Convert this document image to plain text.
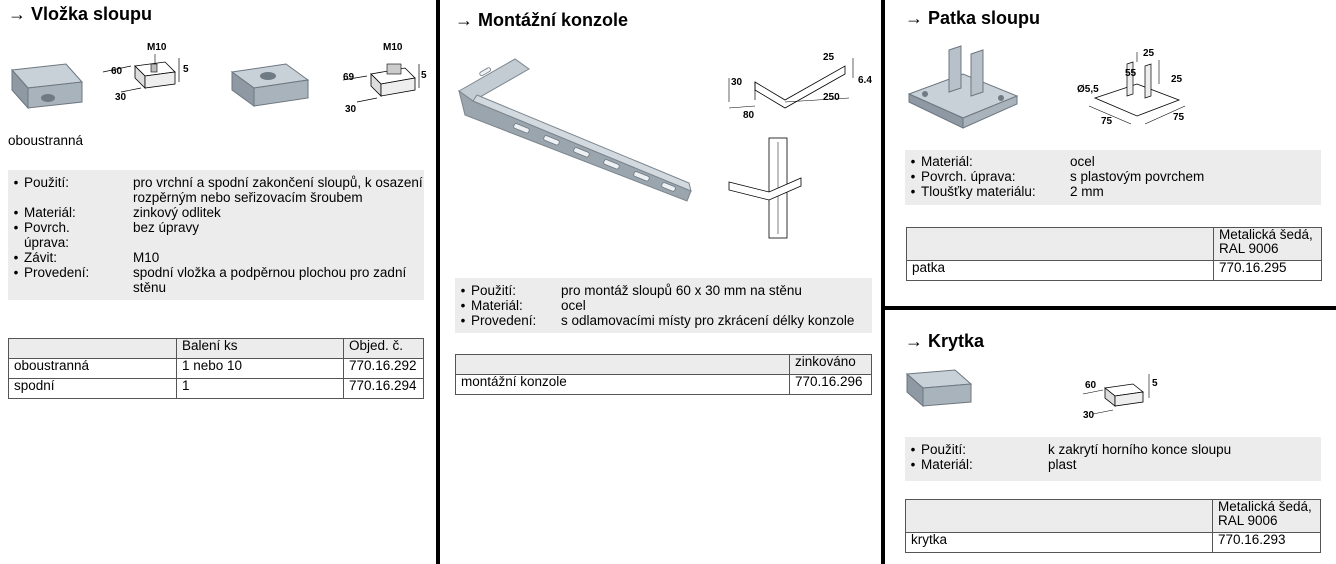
→ Vložka sloupu
M10
60
30
5
M10
69
30
5
oboustranná
• Použití:	pro vrchní a spodní zakončení sloupů, k osazení rozpěrným nebo seřizovacím šroubem
• Materiál:	zinkový odlitek
• Povrch. úprava:
bez úpravy
• Závit:	M10
• Provedení:	spodní vložka a podpěrnou plochou pro zadní stěnu
	Balení ks	Objed. č.
oboustranná	1 nebo 10	770.16.292
spodní	1	770.16.294
→ Montážní konzole
30
80
25
250
6.4
• Použití:	pro montáž sloupů 60 x 30 mm na stěnu
• Materiál:	ocel
• Provedení:	s odlamovacími místy pro zkrácení délky konzole
	zinkováno
montážní konzole	770.16.296
→ Patka sloupu
Ø5,5
25
55
25
75	75
• Materiál:	ocel
• Povrch. úprava:	s plastovým povrchem
• Tloušťky materiálu:	2 mm
	Metalická šedá, RAL 9006
patka	770.16.295
→ Krytka
60
30
5
• Použití:	k zakrytí horního konce sloupu
• Materiál:	plast
	Metalická šedá, RAL 9006
krytka	770.16.293
